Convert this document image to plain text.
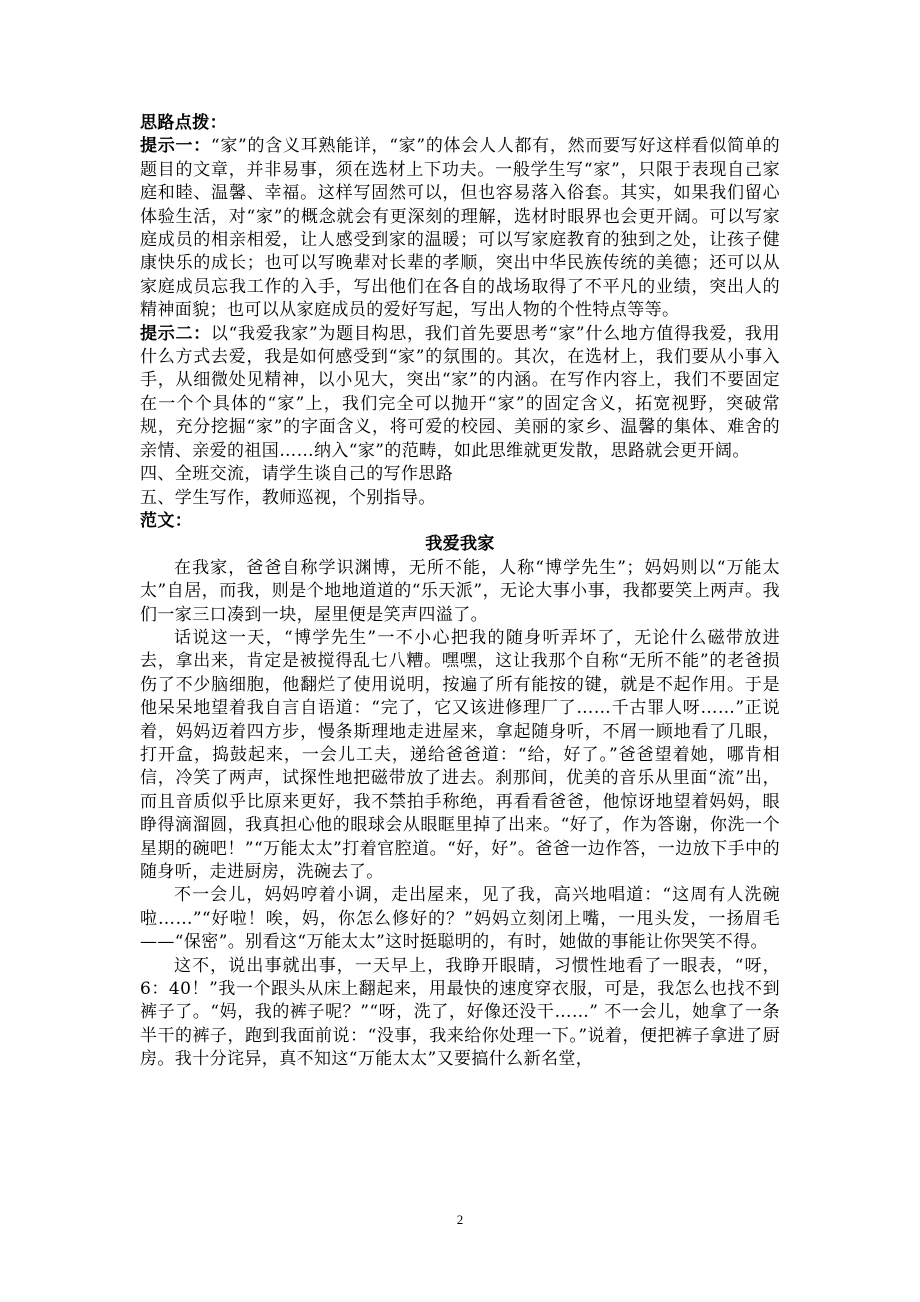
思路点拨：

提示一：“家”的含义耳熟能详，“家”的体会人人都有，然而要写好这样看似简单的题目的文章，并非易事，须在选材上下功夫。一般学生写“家”，只限于表现自己家庭和睦、温馨、幸福。这样写固然可以，但也容易落入俗套。其实，如果我们留心体验生活，对“家”的概念就会有更深刻的理解，选材时眼界也会更开阔。可以写家庭成员的相亲相爱，让人感受到家的温暖；可以写家庭教育的独到之处，让孩子健康快乐的成长；也可以写晚辈对长辈的孝顺，突出中华民族传统的美德；还可以从家庭成员忘我工作的入手，写出他们在各自的战场取得了不平凡的业绩，突出人的精神面貌；也可以从家庭成员的爱好写起，写出人物的个性特点等等。

提示二：以“我爱我家”为题目构思，我们首先要思考“家”什么地方值得我爱，我用什么方式去爱，我是如何感受到“家”的氛围的。其次，在选材上，我们要从小事入手，从细微处见精神，以小见大，突出“家”的内涵。在写作内容上，我们不要固定在一个个具体的“家”上，我们完全可以抛开“家”的固定含义，拓宽视野，突破常规，充分挖掘“家”的字面含义，将可爱的校园、美丽的家乡、温馨的集体、难舍的亲情、亲爱的祖国……纳入“家”的范畴，如此思维就更发散，思路就会更开阔。

四、全班交流，请学生谈自己的写作思路

五、学生写作，教师巡视，个别指导。

范文：

我爱我家

在我家，爸爸自称学识渊博，无所不能，人称“博学先生”；妈妈则以“万能太太”自居，而我，则是个地地道道的“乐天派”，无论大事小事，我都要笑上两声。我们一家三口凑到一块，屋里便是笑声四溢了。

话说这一天，“博学先生”一不小心把我的随身听弄坏了，无论什么磁带放进去，拿出来，肯定是被搅得乱七八糟。嘿嘿，这让我那个自称“无所不能”的老爸损伤了不少脑细胞，他翻烂了使用说明，按遍了所有能按的键，就是不起作用。于是他呆呆地望着我自言自语道：“完了，它又该进修理厂了……千古罪人呀……”正说着，妈妈迈着四方步，慢条斯理地走进屋来，拿起随身听，不屑一顾地看了几眼，打开盒，捣鼓起来，一会儿工夫，递给爸爸道：“给，好了。”爸爸望着她，哪肯相信，冷笑了两声，试探性地把磁带放了进去。刹那间，优美的音乐从里面“流”出，而且音质似乎比原来更好，我不禁拍手称绝，再看看爸爸，他惊讶地望着妈妈，眼睁得滴溜圆，我真担心他的眼球会从眼眶里掉了出来。“好了，作为答谢，你洗一个星期的碗吧！”“万能太太”打着官腔道。“好，好”。爸爸一边作答，一边放下手中的随身听，走进厨房，洗碗去了。

不一会儿，妈妈哼着小调，走出屋来，见了我，高兴地唱道：“这周有人洗碗啦……”“好啦！唉，妈，你怎么修好的？”妈妈立刻闭上嘴，一甩头发，一扬眉毛——“保密”。别看这“万能太太”这时挺聪明的，有时，她做的事能让你哭笑不得。

这不，说出事就出事，一天早上，我睁开眼睛，习惯性地看了一眼表，“呀，6：40！”我一个跟头从床上翻起来，用最快的速度穿衣服，可是，我怎么也找不到裤子了。“妈，我的裤子呢？”“呀，洗了，好像还没干……” 不一会儿，她拿了一条半干的裤子，跑到我面前说：“没事，我来给你处理一下。”说着，便把裤子拿进了厨房。我十分诧异，真不知这“万能太太”又要搞什么新名堂，

2
